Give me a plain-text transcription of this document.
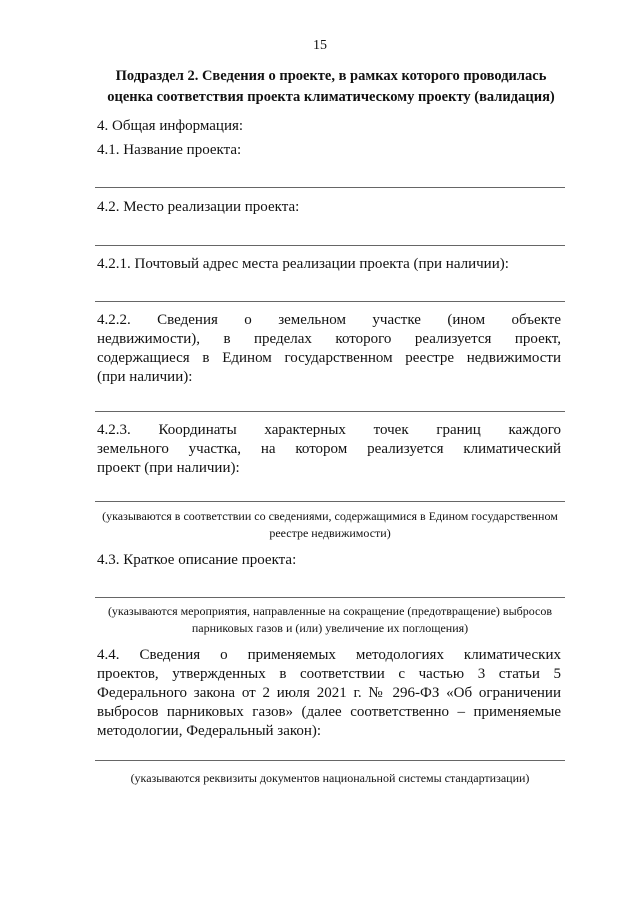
15
Подраздел 2. Сведения о проекте, в рамках которого проводилась оценка соответствия проекта климатическому проекту (валидация)
4. Общая информация:
4.1. Название проекта:
4.2. Место реализации проекта:
4.2.1. Почтовый адрес места реализации проекта (при наличии):
4.2.2. Сведения о земельном участке (ином объекте
недвижимости), в пределах которого реализуется проект,
содержащиеся в Едином государственном реестре недвижимости
(при наличии):
4.2.3. Координаты характерных точек границ каждого
земельного участка, на котором реализуется климатический
проект (при наличии):
(указываются в соответствии со сведениями, содержащимися в Едином государственном реестре недвижимости)
4.3. Краткое описание проекта:
(указываются мероприятия, направленные на сокращение (предотвращение) выбросов парниковых газов и (или) увеличение их поглощения)
4.4. Сведения о применяемых методологиях климатических
проектов, утвержденных в соответствии с частью 3 статьи 5
Федерального закона от 2 июля 2021 г. № 296-ФЗ «Об ограничении
выбросов парниковых газов» (далее соответственно – применяемые
методологии, Федеральный закон):
(указываются реквизиты документов национальной системы стандартизации)
